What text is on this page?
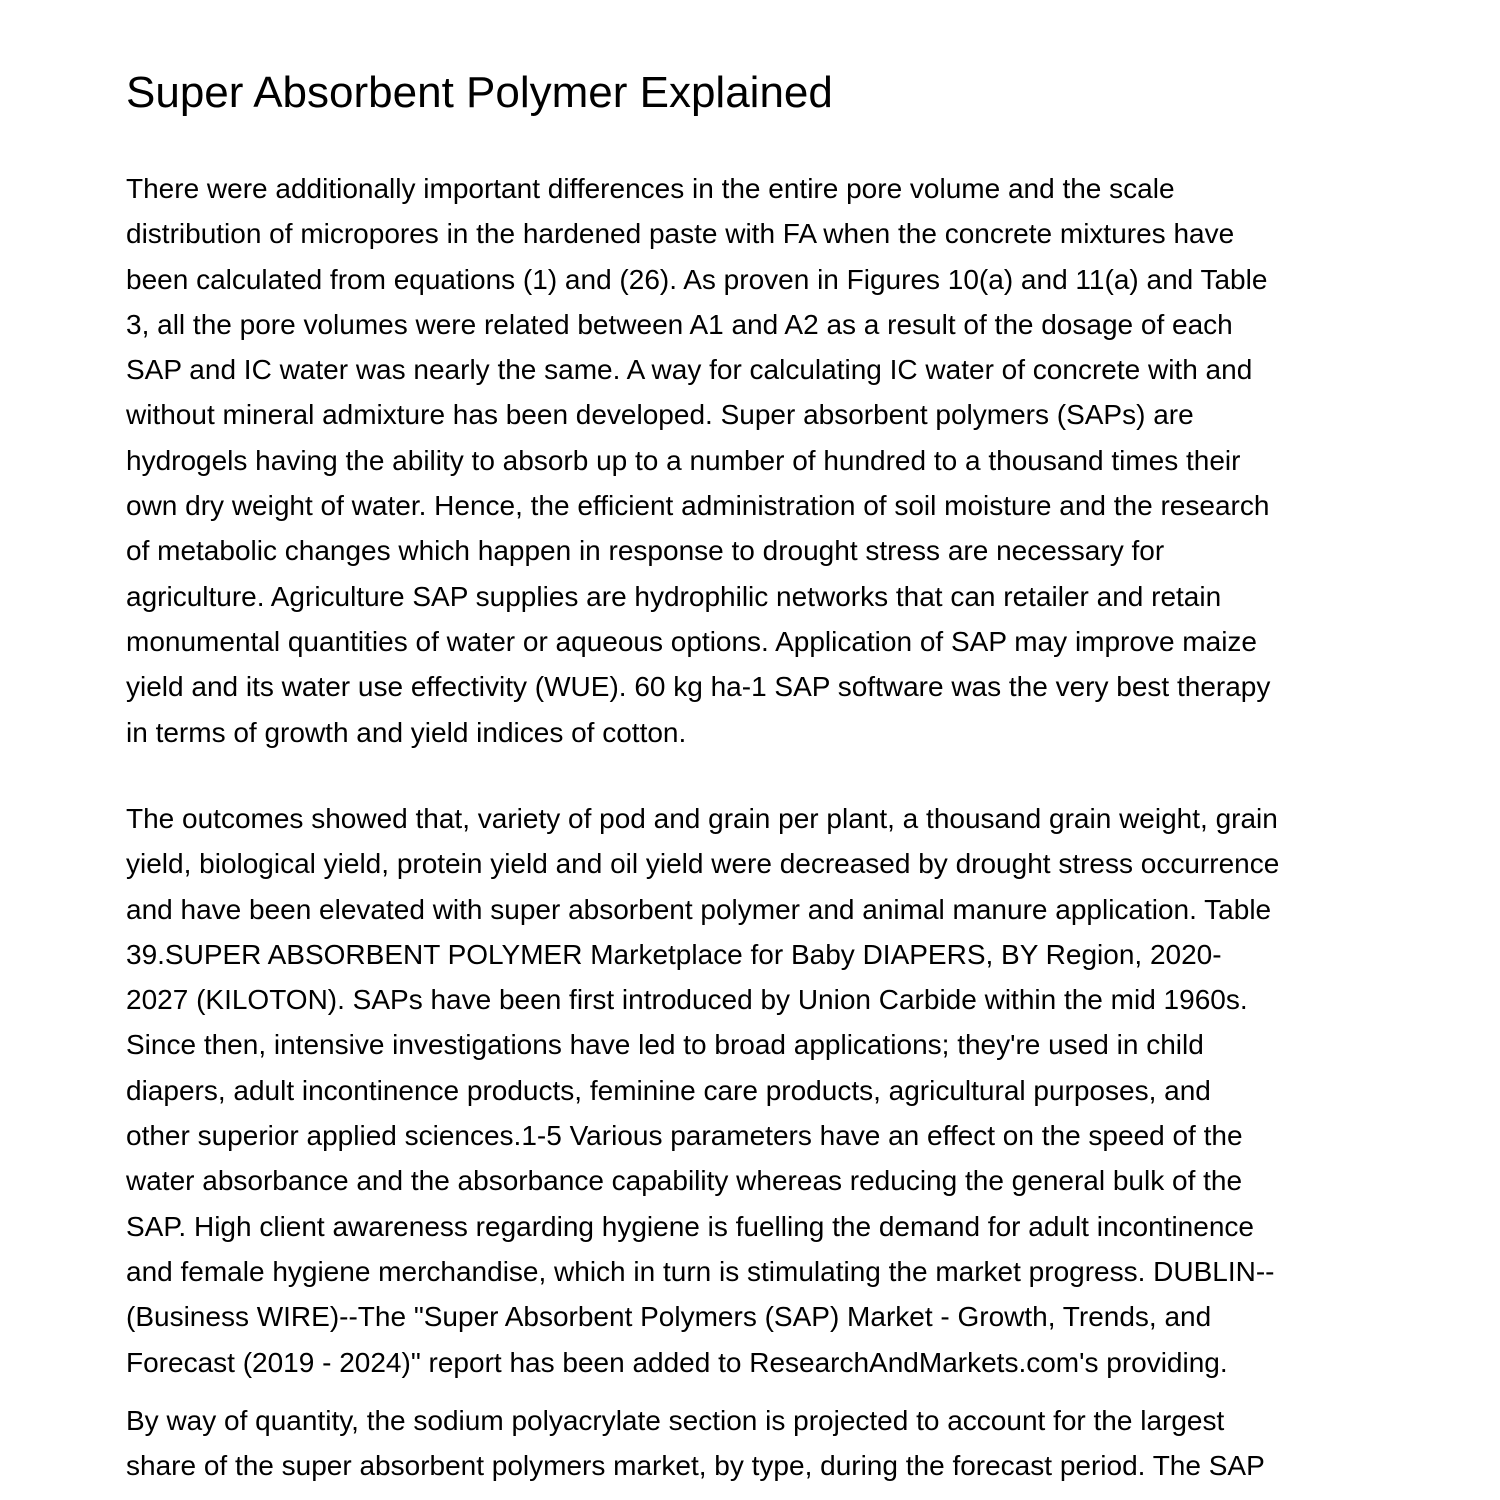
Super Absorbent Polymer Explained
There were additionally important differences in the entire pore volume and the scale
distribution of micropores in the hardened paste with FA when the concrete mixtures have
been calculated from equations (1) and (26). As proven in Figures 10(a) and 11(a) and Table
3, all the pore volumes were related between A1 and A2 as a result of the dosage of each
SAP and IC water was nearly the same. A way for calculating IC water of concrete with and
without mineral admixture has been developed. Super absorbent polymers (SAPs) are
hydrogels having the ability to absorb up to a number of hundred to a thousand times their
own dry weight of water. Hence, the efficient administration of soil moisture and the research
of metabolic changes which happen in response to drought stress are necessary for
agriculture. Agriculture SAP supplies are hydrophilic networks that can retailer and retain
monumental quantities of water or aqueous options. Application of SAP may improve maize
yield and its water use effectivity (WUE). 60 kg ha-1 SAP software was the very best therapy
in terms of growth and yield indices of cotton.
The outcomes showed that, variety of pod and grain per plant, a thousand grain weight, grain
yield, biological yield, protein yield and oil yield were decreased by drought stress occurrence
and have been elevated with super absorbent polymer and animal manure application. Table
39.SUPER ABSORBENT POLYMER Marketplace for Baby DIAPERS, BY Region, 2020-
2027 (KILOTON). SAPs have been first introduced by Union Carbide within the mid 1960s.
Since then, intensive investigations have led to broad applications; they're used in child
diapers, adult incontinence products, feminine care products, agricultural purposes, and
other superior applied sciences.1-5 Various parameters have an effect on the speed of the
water absorbance and the absorbance capability whereas reducing the general bulk of the
SAP. High client awareness regarding hygiene is fuelling the demand for adult incontinence
and female hygiene merchandise, which in turn is stimulating the market progress. DUBLIN--
(Business WIRE)--The "Super Absorbent Polymers (SAP) Market - Growth, Trends, and
Forecast (2019 - 2024)" report has been added to ResearchAndMarkets.com's providing.
By way of quantity, the sodium polyacrylate section is projected to account for the largest
share of the super absorbent polymers market, by type, during the forecast period. The SAP
